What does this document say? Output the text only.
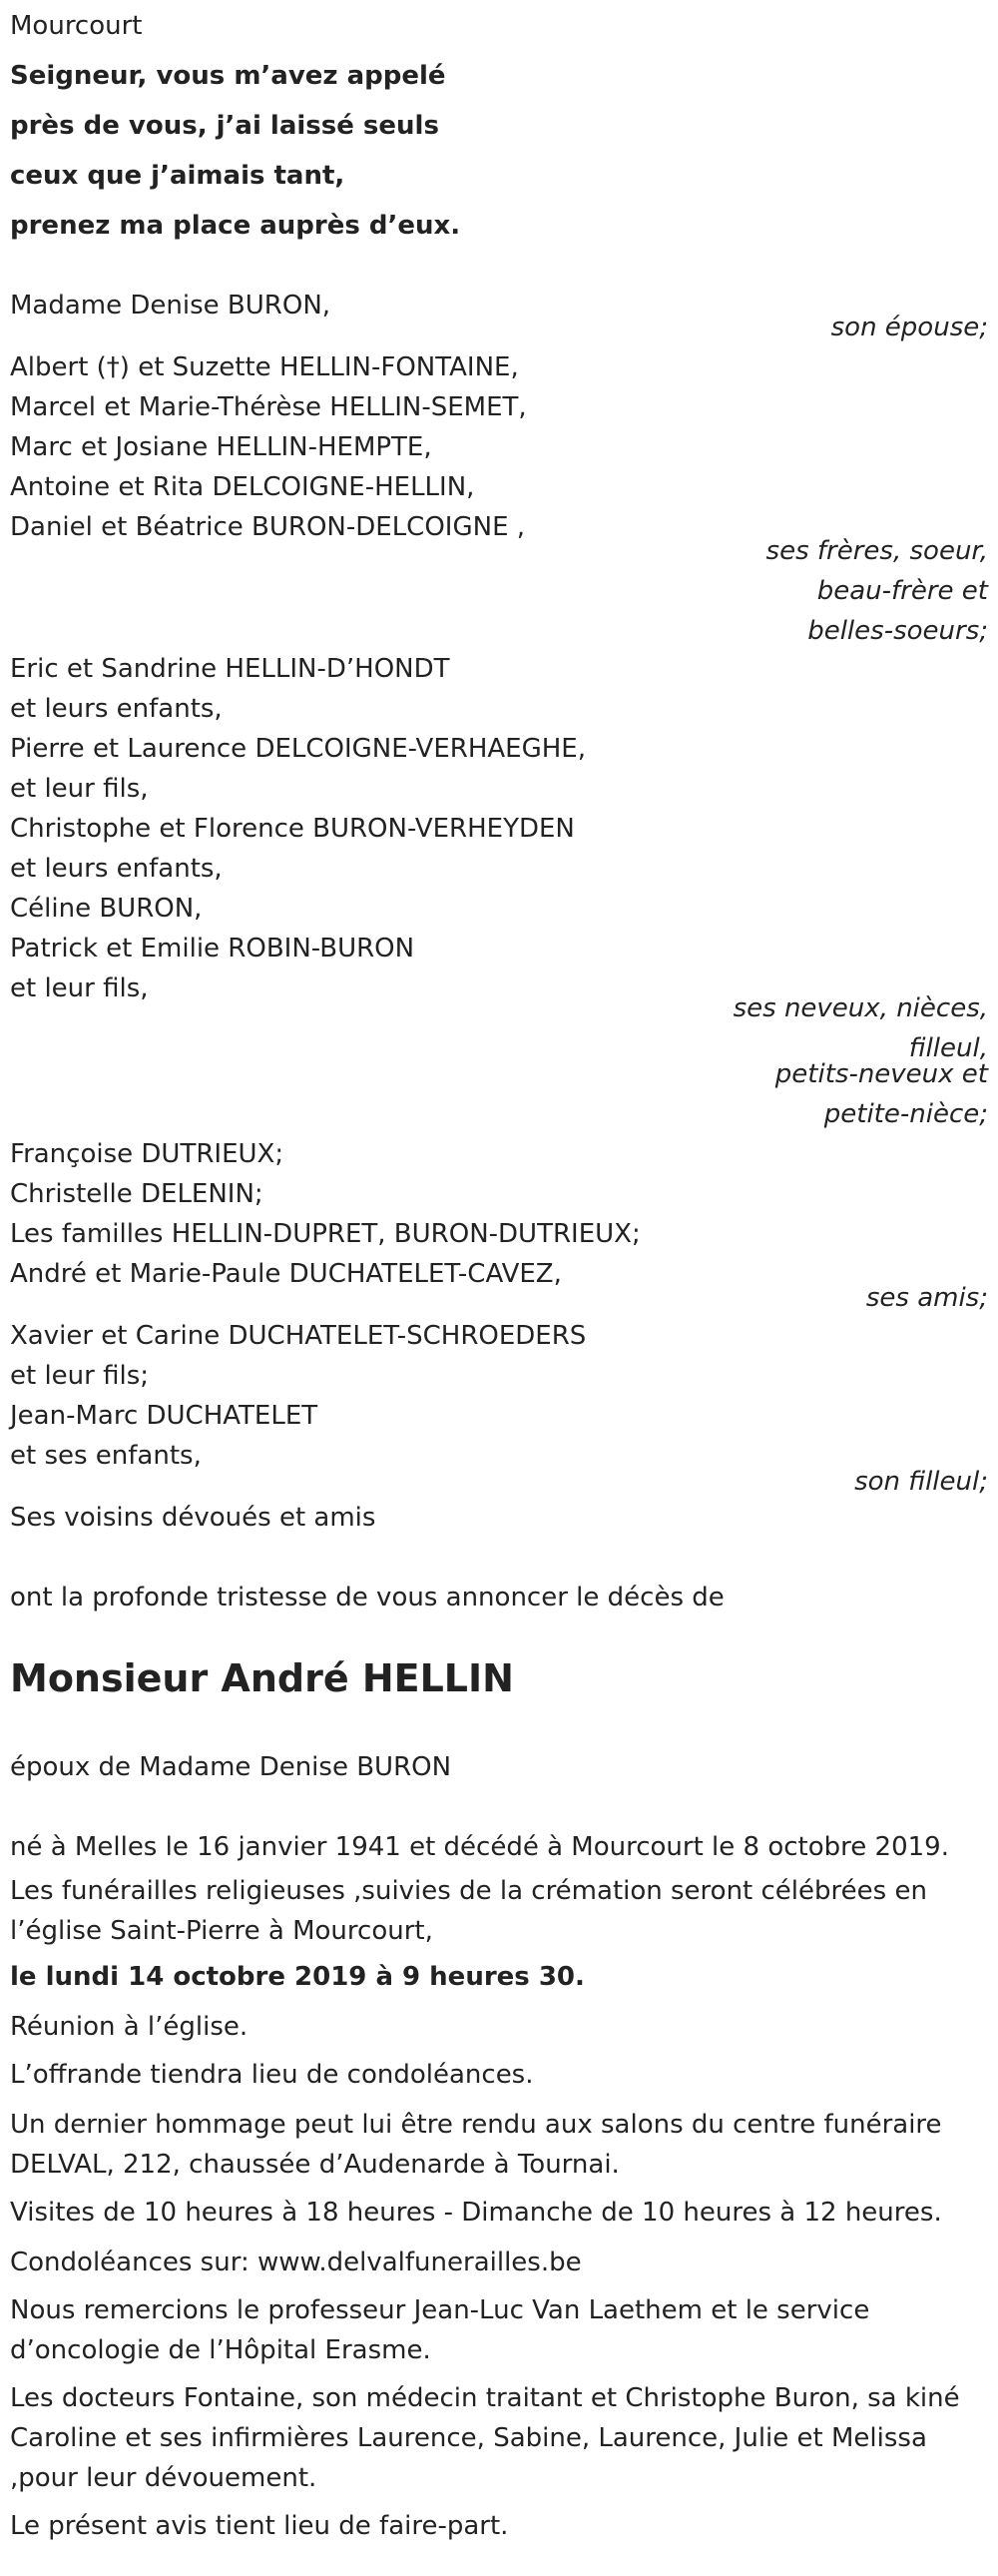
Mourcourt

Seigneur, vous m’avez appelé

près de vous, j’ai laissé seuls

ceux que j’aimais tant,

prenez ma place auprès d’eux.

Madame Denise BURON,

son épouse;

Albert (†) et Suzette HELLIN-FONTAINE,

Marcel et Marie-Thérèse HELLIN-SEMET,

Marc et Josiane HELLIN-HEMPTE,

Antoine et Rita DELCOIGNE-HELLIN,

Daniel et Béatrice BURON-DELCOIGNE ,

ses frères, soeur,

beau-frère et

belles-soeurs;

Eric et Sandrine HELLIN-D’HONDT

et leurs enfants,

Pierre et Laurence DELCOIGNE-VERHAEGHE,

et leur fils,

Christophe et Florence BURON-VERHEYDEN

et leurs enfants,

Céline BURON,

Patrick et Emilie ROBIN-BURON

et leur fils,

ses neveux, nièces,

filleul,

petits-neveux et

petite-nièce;

Françoise DUTRIEUX;

Christelle DELENIN;

Les familles HELLIN-DUPRET, BURON-DUTRIEUX;

André et Marie-Paule DUCHATELET-CAVEZ,

ses amis;

Xavier et Carine DUCHATELET-SCHROEDERS

et leur fils;

Jean-Marc DUCHATELET

et ses enfants,

son filleul;

Ses voisins dévoués et amis

ont la profonde tristesse de vous annoncer le décès de

Monsieur André HELLIN

époux de Madame Denise BURON

né à Melles le 16 janvier 1941 et décédé à Mourcourt le 8 octobre 2019.

Les funérailles religieuses ,suivies de la crémation seront célébrées en

l’église Saint-Pierre à Mourcourt,

le lundi 14 octobre 2019 à 9 heures 30.

Réunion à l’église.

L’offrande tiendra lieu de condoléances.

Un dernier hommage peut lui être rendu aux salons du centre funéraire

DELVAL, 212, chaussée d’Audenarde à Tournai.

Visites de 10 heures à 18 heures - Dimanche de 10 heures à 12 heures.

Condoléances sur: www.delvalfunerailles.be

Nous remercions le professeur Jean-Luc Van Laethem et le service

d’oncologie de l’Hôpital Erasme.

Les docteurs Fontaine, son médecin traitant et Christophe Buron, sa kiné

Caroline et ses infirmières Laurence, Sabine, Laurence, Julie et Melissa

,pour leur dévouement.

Le présent avis tient lieu de faire-part.
